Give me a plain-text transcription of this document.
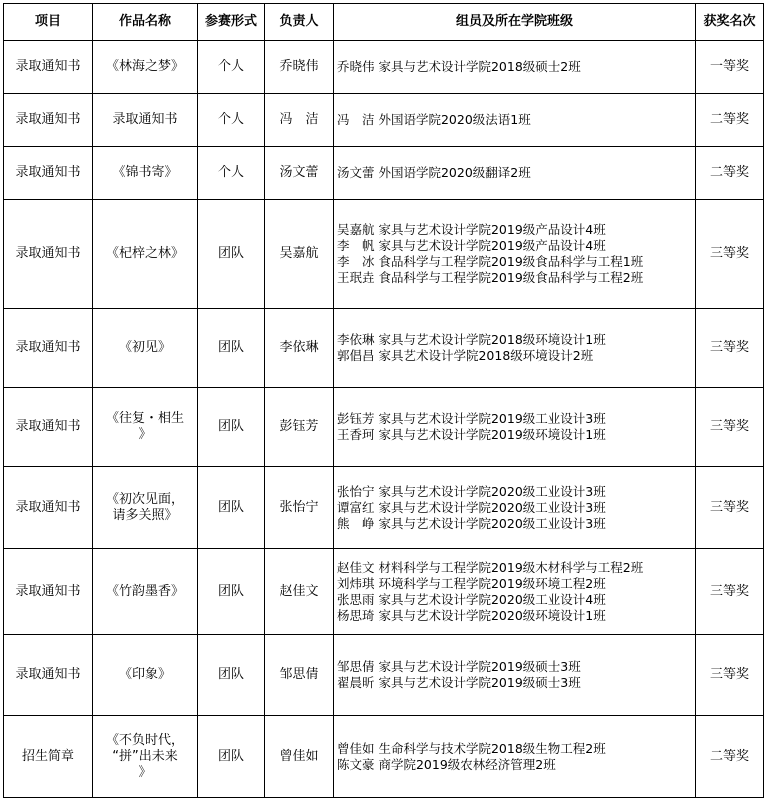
项目	作品名称	参赛形式	负责人	组员及所在学院班级	获奖名次
录取通知书	《林海之梦》	个人	乔晓伟	乔晓伟 家具与艺术设计学院2018级硕士2班	一等奖
录取通知书	录取通知书	个人	冯　洁	冯　洁 外国语学院2020级法语1班	二等奖
录取通知书	《锦书寄》	个人	汤文蕾	汤文蕾 外国语学院2020级翻译2班	二等奖
录取通知书	《杞梓之林》	团队	吴嘉航	吴嘉航 家具与艺术设计学院2019级产品设计4班
李　帆 家具与艺术设计学院2019级产品设计4班
李　冰 食品科学与工程学院2019级食品科学与工程1班
王珉垚 食品科学与工程学院2019级食品科学与工程2班	三等奖
录取通知书	《初见》	团队	李依琳	李依琳 家具与艺术设计学院2018级环境设计1班
郭倡昌 家具艺术设计学院2018级环境设计2班	三等奖
录取通知书	《往复・相生
》	团队	彭钰芳	彭钰芳 家具与艺术设计学院2019级工业设计3班
王香珂 家具与艺术设计学院2019级环境设计1班	三等奖
录取通知书	《初次见面，
请多关照》	团队	张怡宁	张怡宁 家具与艺术设计学院2020级工业设计3班
谭富红 家具与艺术设计学院2020级工业设计3班
熊　峥 家具与艺术设计学院2020级工业设计3班	三等奖
录取通知书	《竹韵墨香》	团队	赵佳文	赵佳文 材料科学与工程学院2019级木材科学与工程2班
刘炜琪 环境科学与工程学院2019级环境工程2班
张思雨 家具与艺术设计学院2020级工业设计4班
杨思琦 家具与艺术设计学院2020级环境设计1班	三等奖
录取通知书	《印象》	团队	邹思倩	邹思倩 家具与艺术设计学院2019级硕士3班
翟晨昕 家具与艺术设计学院2019级硕士3班	三等奖
招生简章	《不负时代，
“拼”出未来
》	团队	曾佳如	曾佳如 生命科学与技术学院2018级生物工程2班
陈文豪 商学院2019级农林经济管理2班	二等奖
